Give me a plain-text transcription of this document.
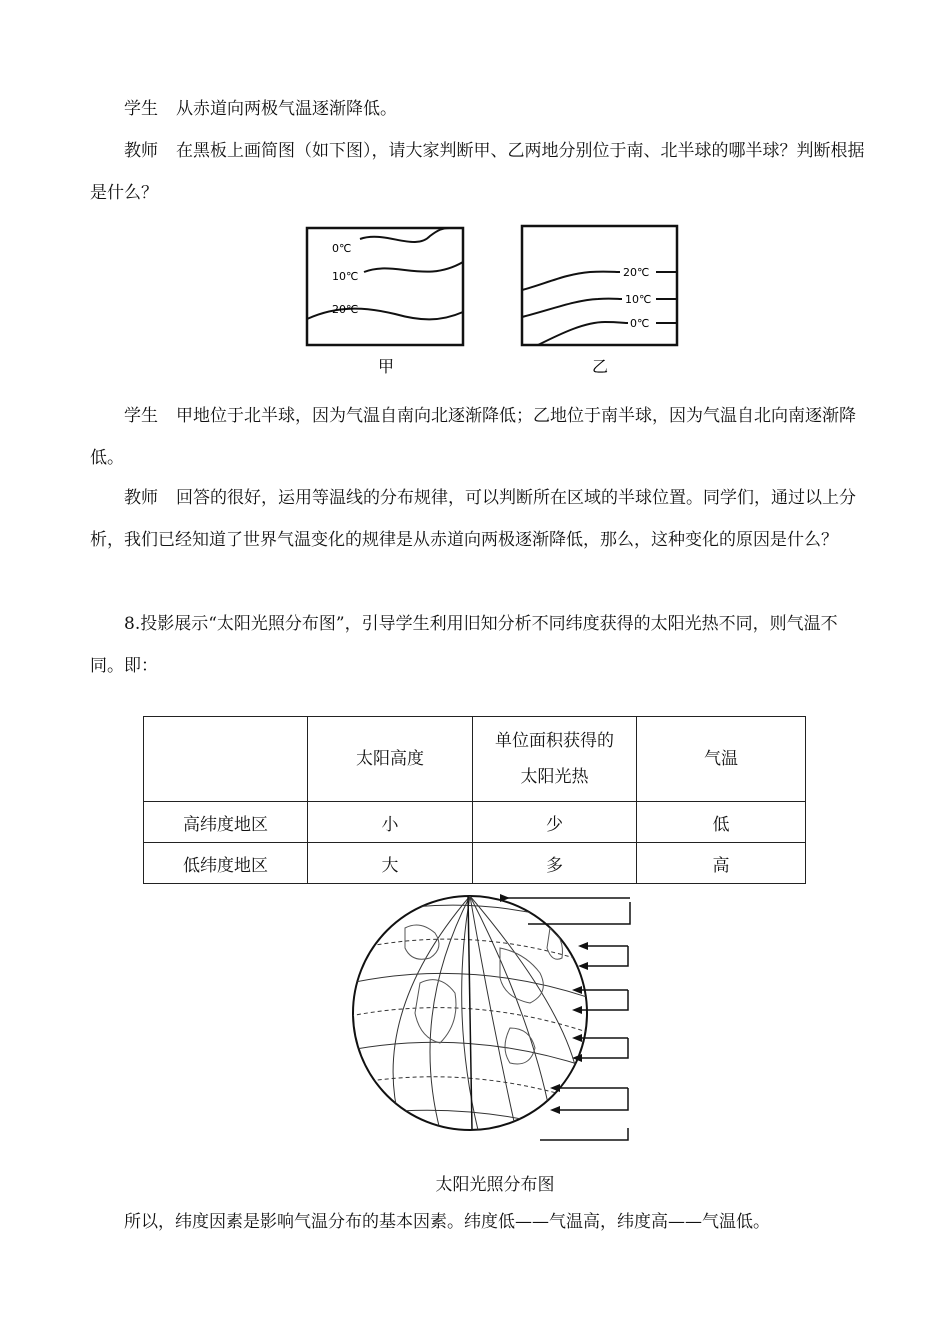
学生 从赤道向两极气温逐渐降低。

教师 在黑板上画简图（如下图），请大家判断甲、乙两地分别位于南、北半球的哪半球？判断根据是什么？

0℃
10℃
20℃
甲
20℃
10℃
0℃
乙

学生 甲地位于北半球，因为气温自南向北逐渐降低；乙地位于南半球，因为气温自北向南逐渐降低。

教师 回答的很好，运用等温线的分布规律，可以判断所在区域的半球位置。同学们，通过以上分析，我们已经知道了世界气温变化的规律是从赤道向两极逐渐降低，那么，这种变化的原因是什么？

8.投影展示“太阳光照分布图”，引导学生利用旧知分析不同纬度获得的太阳光热不同，则气温不同。即：

	太阳高度	单位面积获得的太阳光热	气温
高纬度地区	小	少	低
低纬度地区	大	多	高
太阳光照分布图

所以，纬度因素是影响气温分布的基本因素。纬度低——气温高，纬度高——气温低。
